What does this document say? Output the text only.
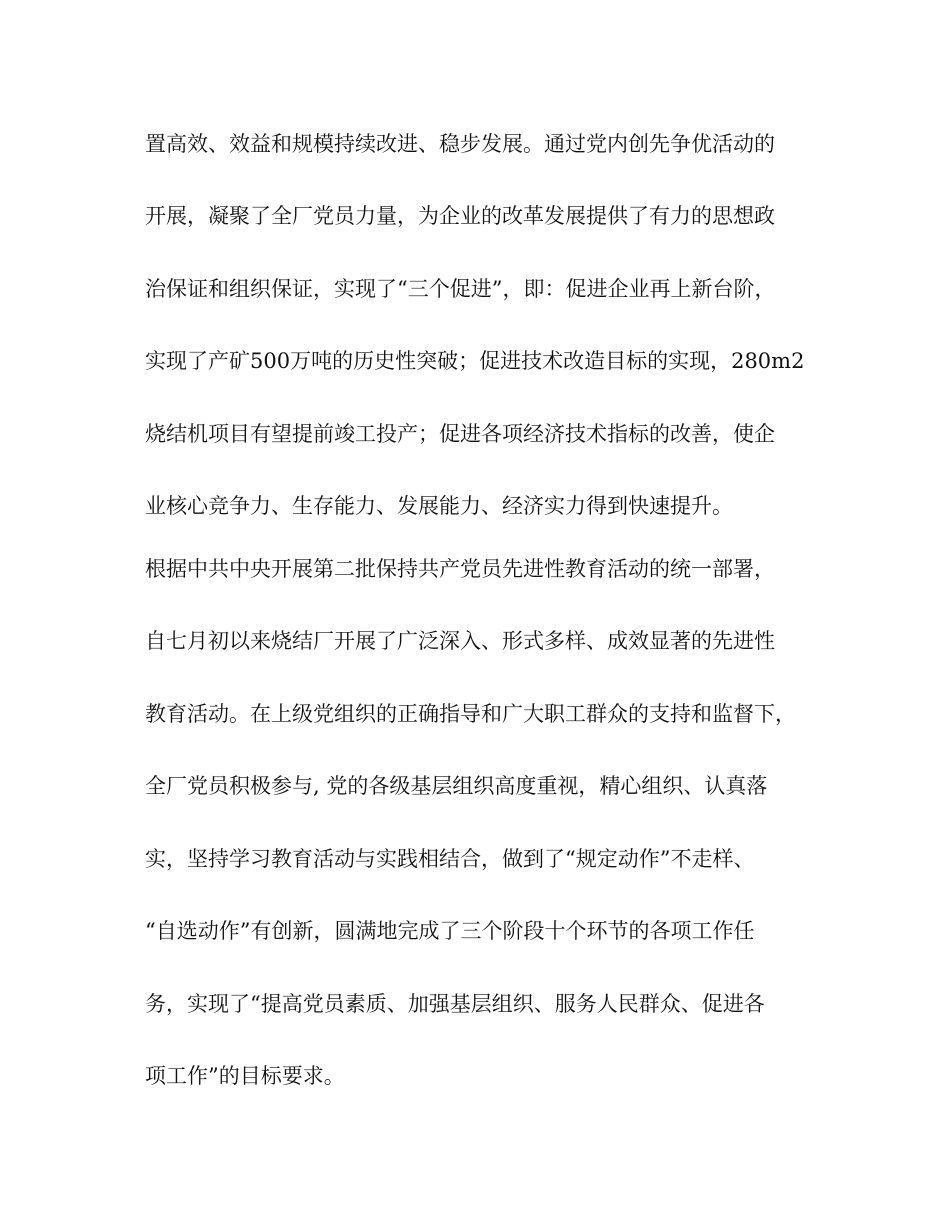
置高效、效益和规模持续改进、稳步发展。通过党内创先争优活动的
开展，凝聚了全厂党员力量，为企业的改革发展提供了有力的思想政
治保证和组织保证，实现了“三个促进”，即：促进企业再上新台阶，
实现了产矿500万吨的历史性突破；促进技术改造目标的实现，280m2
烧结机项目有望提前竣工投产；促进各项经济技术指标的改善，使企
业核心竞争力、生存能力、发展能力、经济实力得到快速提升。
根据中共中央开展第二批保持共产党员先进性教育活动的统一部署，
自七月初以来烧结厂开展了广泛深入、形式多样、成效显著的先进性
教育活动。在上级党组织的正确指导和广大职工群众的支持和监督下，
全厂党员积极参与, 党的各级基层组织高度重视，精心组织、认真落
实，坚持学习教育活动与实践相结合，做到了“规定动作”不走样、
“自选动作”有创新，圆满地完成了三个阶段十个环节的各项工作任
务，实现了“提高党员素质、加强基层组织、服务人民群众、促进各
项工作”的目标要求。
